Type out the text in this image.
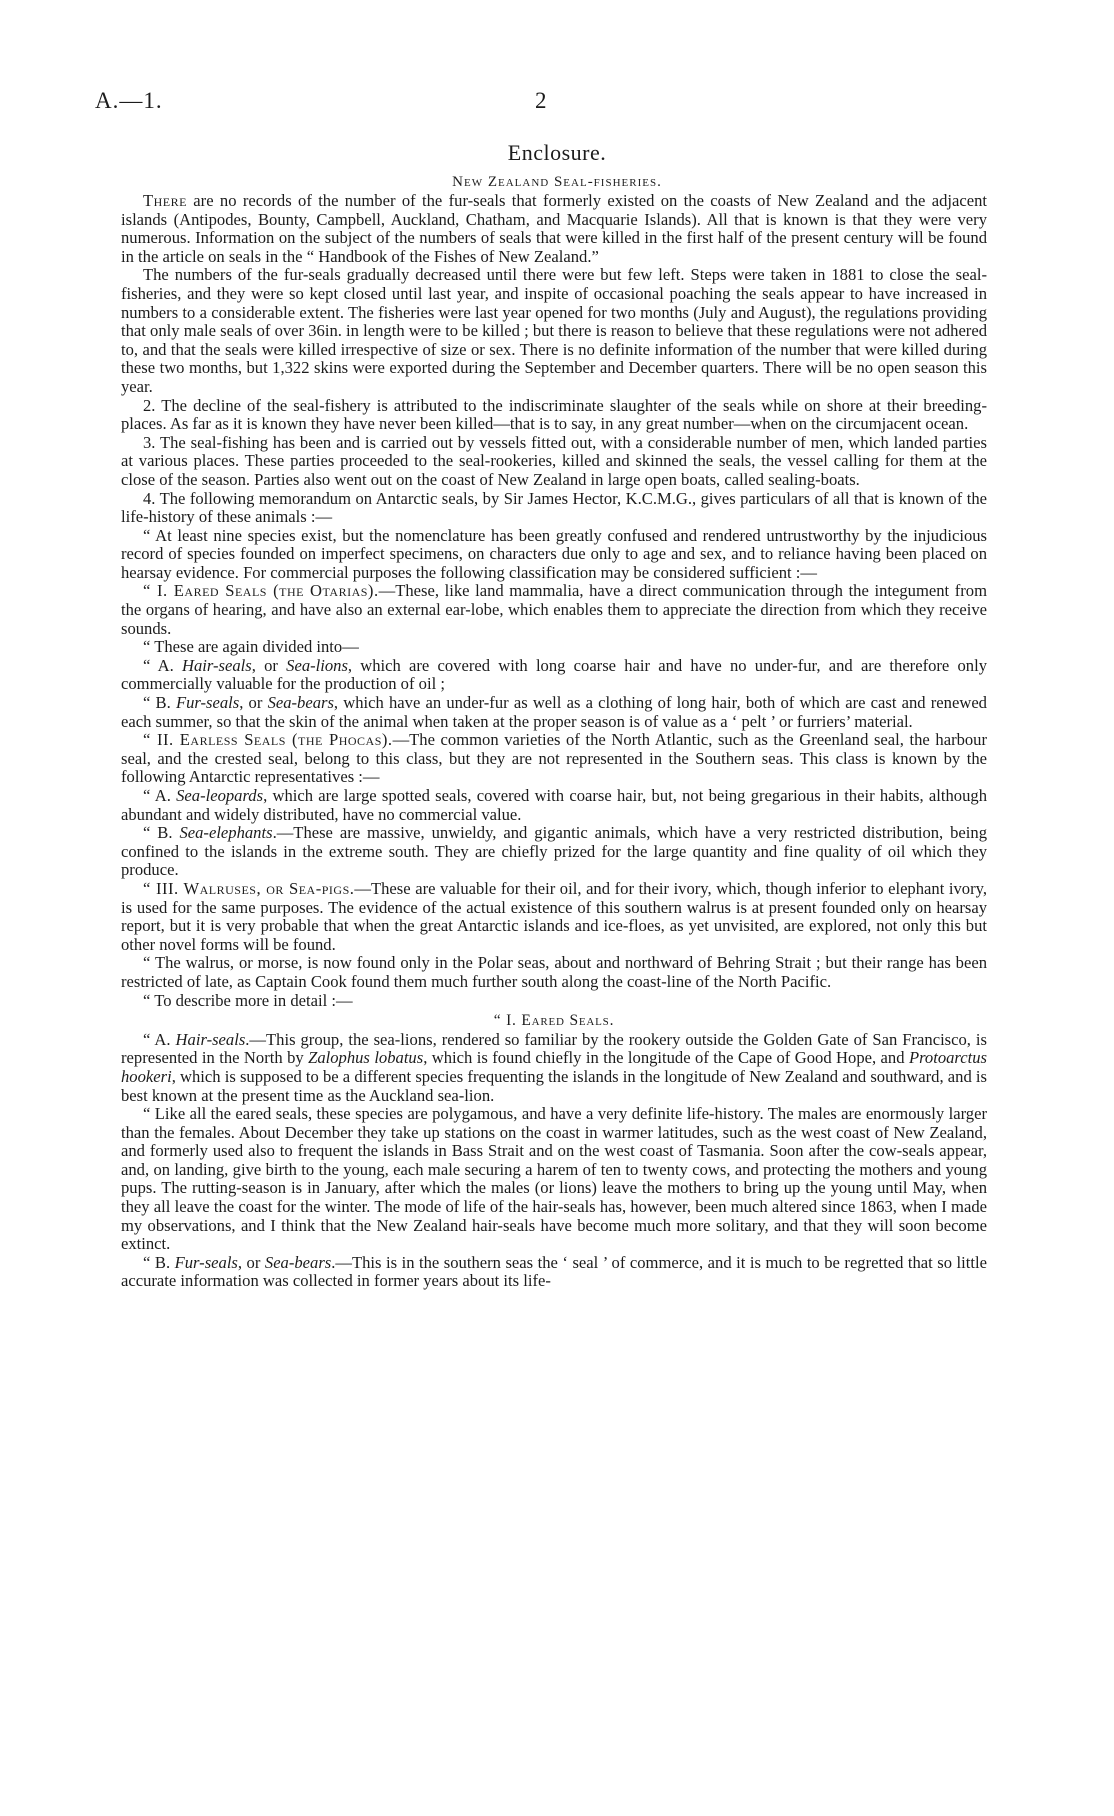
A.—1.	2
Enclosure.
New Zealand Seal-fisheries.

There are no records of the number of the fur-seals that formerly existed on the coasts of New Zealand and the adjacent islands (Antipodes, Bounty, Campbell, Auckland, Chatham, and Macquarie Islands). All that is known is that they were very numerous. Information on the subject of the numbers of seals that were killed in the first half of the present century will be found in the article on seals in the “ Handbook of the Fishes of New Zealand.”

The numbers of the fur-seals gradually decreased until there were but few left. Steps were taken in 1881 to close the seal-fisheries, and they were so kept closed until last year, and inspite of occasional poaching the seals appear to have increased in numbers to a considerable extent. The fisheries were last year opened for two months (July and August), the regulations providing that only male seals of over 36in. in length were to be killed ; but there is reason to believe that these regulations were not adhered to, and that the seals were killed irrespective of size or sex. There is no definite information of the number that were killed during these two months, but 1,322 skins were exported during the September and December quarters. There will be no open season this year.

2. The decline of the seal-fishery is attributed to the indiscriminate slaughter of the seals while on shore at their breeding-places. As far as it is known they have never been killed—that is to say, in any great number—when on the circumjacent ocean.

3. The seal-fishing has been and is carried out by vessels fitted out, with a considerable number of men, which landed parties at various places. These parties proceeded to the seal-rookeries, killed and skinned the seals, the vessel calling for them at the close of the season. Parties also went out on the coast of New Zealand in large open boats, called sealing-boats.

4. The following memorandum on Antarctic seals, by Sir James Hector, K.C.M.G., gives particulars of all that is known of the life-history of these animals :—

“ At least nine species exist, but the nomenclature has been greatly confused and rendered untrustworthy by the injudicious record of species founded on imperfect specimens, on characters due only to age and sex, and to reliance having been placed on hearsay evidence. For commercial purposes the following classification may be considered sufficient :—

“ I. Eared Seals (the Otarias).—These, like land mammalia, have a direct communication through the integument from the organs of hearing, and have also an external ear-lobe, which enables them to appreciate the direction from which they receive sounds.

“ These are again divided into—

“ A. Hair-seals, or Sea-lions, which are covered with long coarse hair and have no under-fur, and are therefore only commercially valuable for the production of oil ;

“ B. Fur-seals, or Sea-bears, which have an under-fur as well as a clothing of long hair, both of which are cast and renewed each summer, so that the skin of the animal when taken at the proper season is of value as a ‘ pelt ’ or furriers’ material.

“ II. Earless Seals (the Phocas).—The common varieties of the North Atlantic, such as the Greenland seal, the harbour seal, and the crested seal, belong to this class, but they are not represented in the Southern seas. This class is known by the following Antarctic representatives :—

“ A. Sea-leopards, which are large spotted seals, covered with coarse hair, but, not being gregarious in their habits, although abundant and widely distributed, have no commercial value.

“ B. Sea-elephants.—These are massive, unwieldy, and gigantic animals, which have a very restricted distribution, being confined to the islands in the extreme south. They are chiefly prized for the large quantity and fine quality of oil which they produce.

“ III. Walruses, or Sea-pigs.—These are valuable for their oil, and for their ivory, which, though inferior to elephant ivory, is used for the same purposes. The evidence of the actual existence of this southern walrus is at present founded only on hearsay report, but it is very probable that when the great Antarctic islands and ice-floes, as yet unvisited, are explored, not only this but other novel forms will be found.

“ The walrus, or morse, is now found only in the Polar seas, about and northward of Behring Strait ; but their range has been restricted of late, as Captain Cook found them much further south along the coast-line of the North Pacific.

“ To describe more in detail :—

“ I. Eared Seals.

“ A. Hair-seals.—This group, the sea-lions, rendered so familiar by the rookery outside the Golden Gate of San Francisco, is represented in the North by Zalophus lobatus, which is found chiefly in the longitude of the Cape of Good Hope, and Protoarctus hookeri, which is supposed to be a different species frequenting the islands in the longitude of New Zealand and southward, and is best known at the present time as the Auckland sea-lion.

“ Like all the eared seals, these species are polygamous, and have a very definite life-history. The males are enormously larger than the females. About December they take up stations on the coast in warmer latitudes, such as the west coast of New Zealand, and formerly used also to frequent the islands in Bass Strait and on the west coast of Tasmania. Soon after the cow-seals appear, and, on landing, give birth to the young, each male securing a harem of ten to twenty cows, and protecting the mothers and young pups. The rutting-season is in January, after which the males (or lions) leave the mothers to bring up the young until May, when they all leave the coast for the winter. The mode of life of the hair-seals has, however, been much altered since 1863, when I made my observations, and I think that the New Zealand hair-seals have become much more solitary, and that they will soon become extinct.

“ B. Fur-seals, or Sea-bears.—This is in the southern seas the ‘ seal ’ of commerce, and it is much to be regretted that so little accurate information was collected in former years about its life-
